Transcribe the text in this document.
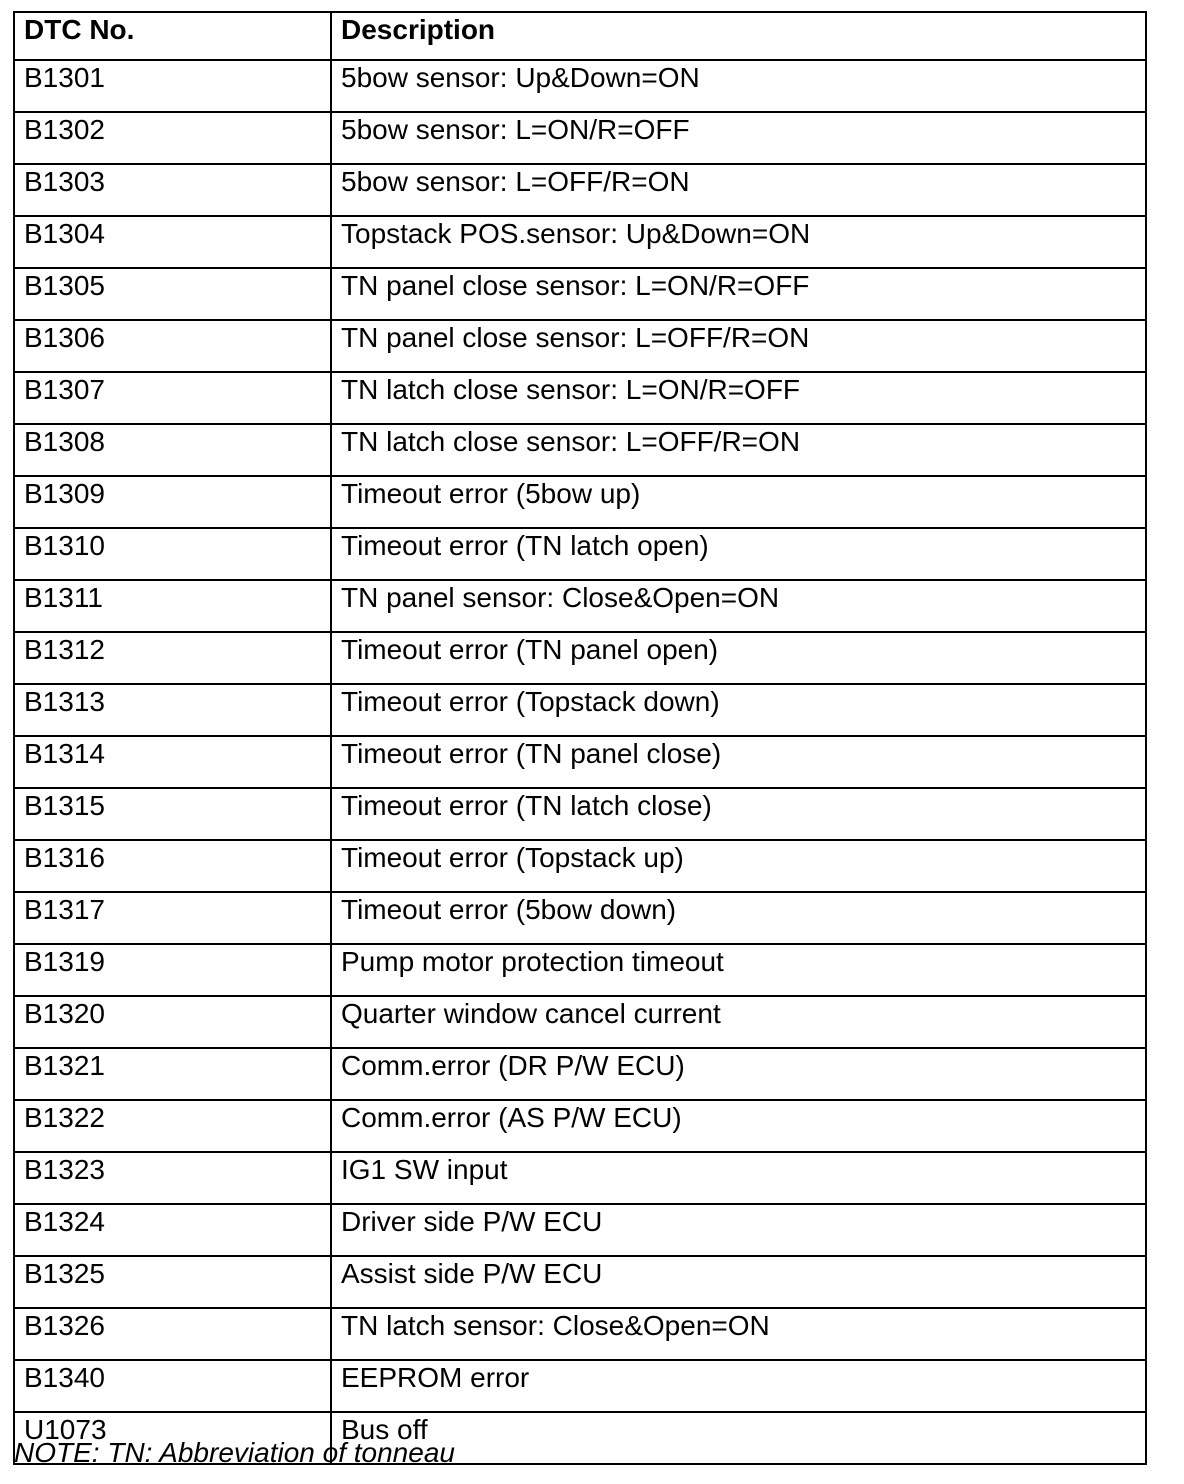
DTC No.	Description
B1301	5bow sensor: Up&Down=ON
B1302	5bow sensor: L=ON/R=OFF
B1303	5bow sensor: L=OFF/R=ON
B1304	Topstack POS.sensor: Up&Down=ON
B1305	TN panel close sensor: L=ON/R=OFF
B1306	TN panel close sensor: L=OFF/R=ON
B1307	TN latch close sensor: L=ON/R=OFF
B1308	TN latch close sensor: L=OFF/R=ON
B1309	Timeout error (5bow up)
B1310	Timeout error (TN latch open)
B1311	TN panel sensor: Close&Open=ON
B1312	Timeout error (TN panel open)
B1313	Timeout error (Topstack down)
B1314	Timeout error (TN panel close)
B1315	Timeout error (TN latch close)
B1316	Timeout error (Topstack up)
B1317	Timeout error (5bow down)
B1319	Pump motor protection timeout
B1320	Quarter window cancel current
B1321	Comm.error (DR P/W ECU)
B1322	Comm.error (AS P/W ECU)
B1323	IG1 SW input
B1324	Driver side P/W ECU
B1325	Assist side P/W ECU
B1326	TN latch sensor: Close&Open=ON
B1340	EEPROM error
U1073	Bus off
NOTE: TN: Abbreviation of tonneau
